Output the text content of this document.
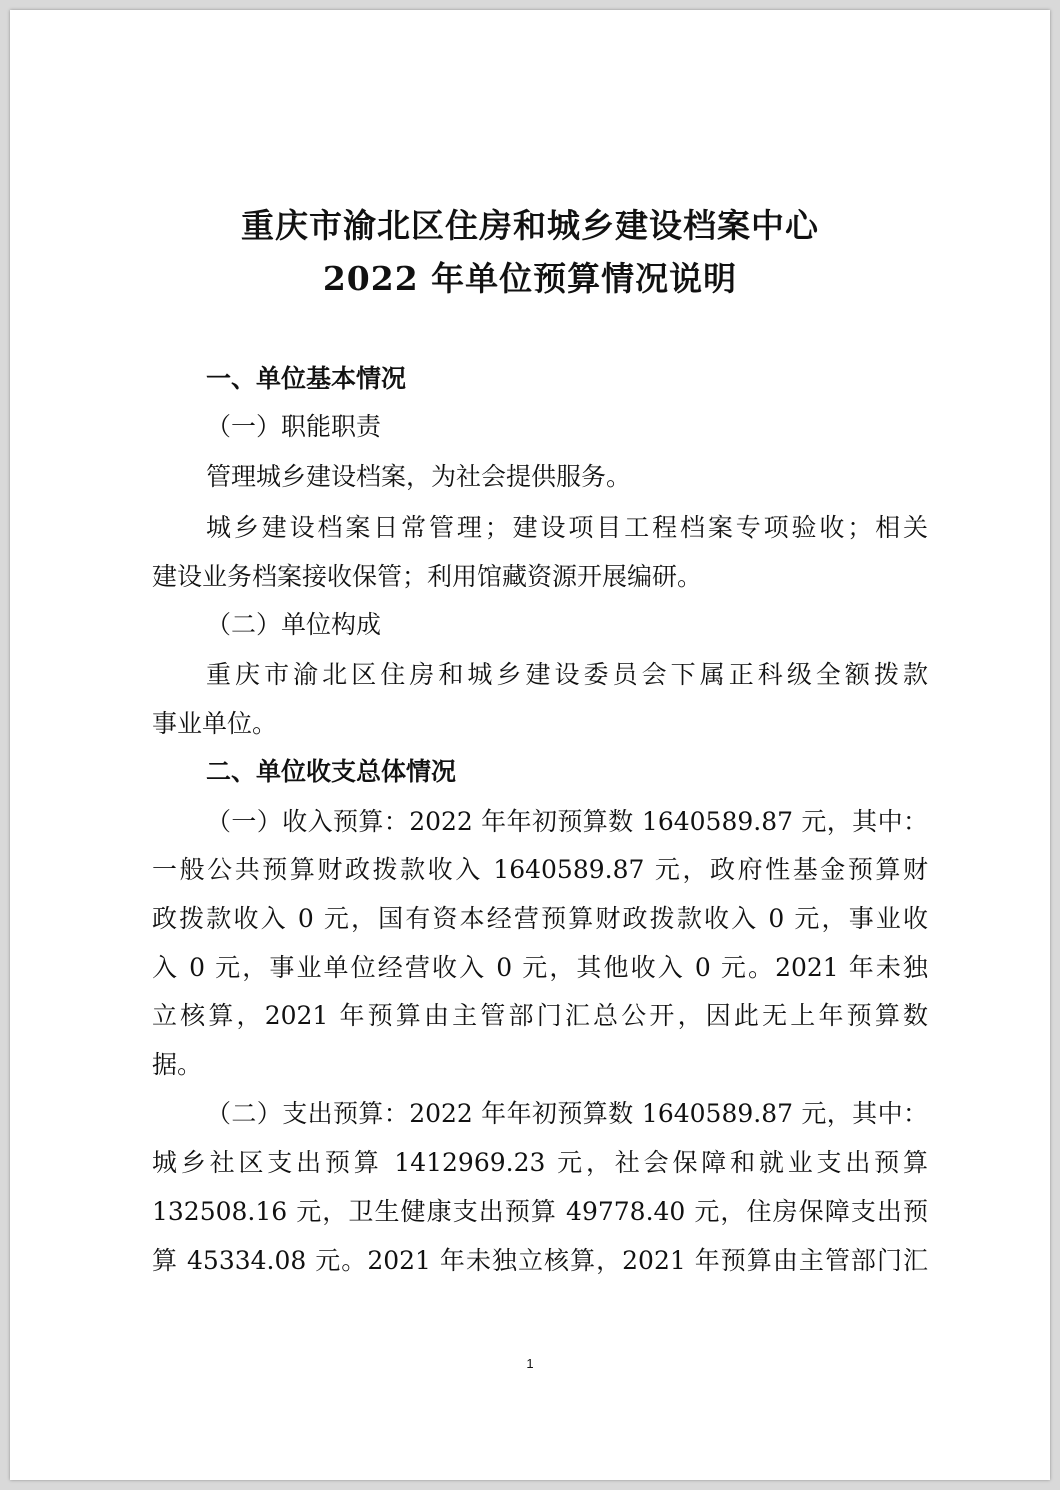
重庆市渝北区住房和城乡建设档案中心
2022 年单位预算情况说明
一、单位基本情况
（一）职能职责
管理城乡建设档案，为社会提供服务。
城乡建设档案日常管理；建设项目工程档案专项验收；相关
建设业务档案接收保管；利用馆藏资源开展编研。
（二）单位构成
重庆市渝北区住房和城乡建设委员会下属正科级全额拨款
事业单位。
二、单位收支总体情况
（一）收入预算：2022 年年初预算数 1640589.87 元，其中：
一般公共预算财政拨款收入 1640589.87 元，政府性基金预算财
政拨款收入 0 元，国有资本经营预算财政拨款收入 0 元，事业收
入 0 元，事业单位经营收入 0 元，其他收入 0 元。2021 年未独
立核算，2021 年预算由主管部门汇总公开，因此无上年预算数
据。
（二）支出预算：2022 年年初预算数 1640589.87 元，其中：
城乡社区支出预算 1412969.23 元，社会保障和就业支出预算
132508.16 元，卫生健康支出预算 49778.40 元，住房保障支出预
算 45334.08 元。2021 年未独立核算，2021 年预算由主管部门汇
1
